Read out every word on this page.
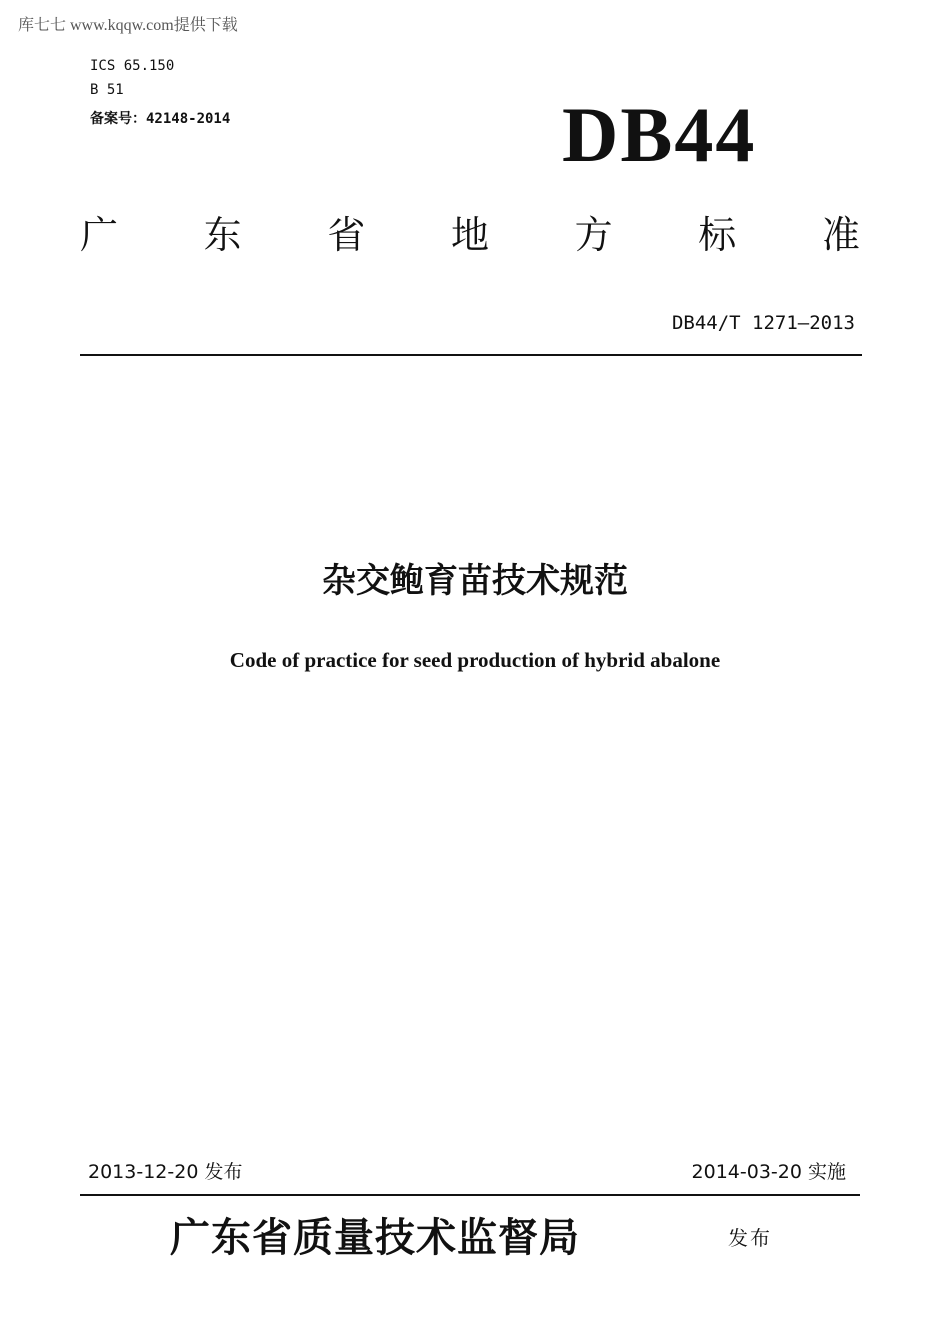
库七七 www.kqqw.com提供下载
ICS 65.150
B 51
备案号：42148-2014	DB44
广 东 省 地 方 标 准
DB44/T 1271—2013
杂交鲍育苗技术规范
Code of practice for seed production of hybrid abalone
2013-12-20 发布	2014-03-20 实施
广东省质量技术监督局	发布
